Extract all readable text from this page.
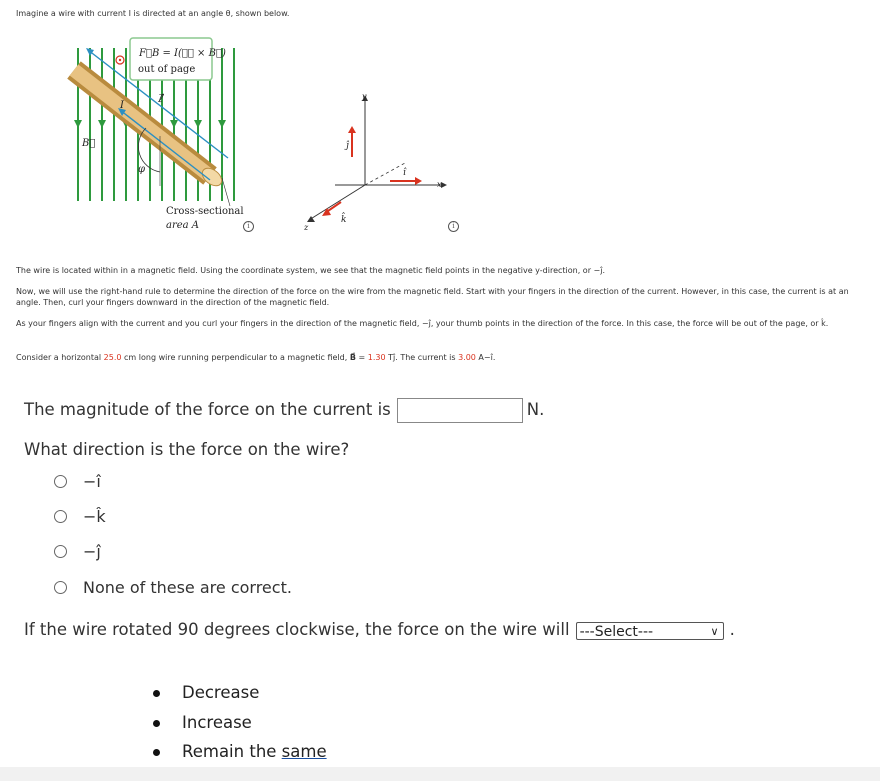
Imagine a wire with current I is directed at an angle θ, shown below.
F⃗B = I(ℓ⃗ × B⃗)
out of page
ℓ⃗
I
B⃗
φ
Cross-sectional
area A	i
y
x
z
ĵ
î
k̂
i
The wire is located within in a magnetic field. Using the coordinate system, we see that the magnetic field points in the negative y-direction, or −ĵ.
Now, we will use the right-hand rule to determine the direction of the force on the wire from the magnetic field. Start with your fingers in the direction of the current. However, in this case, the current is at an angle. Then, curl your fingers downward in the direction of the magnetic field.
As your fingers align with the current and you curl your fingers in the direction of the magnetic field, −ĵ, your thumb points in the direction of the force. In this case, the force will be out of the page, or k̂.
Consider a horizontal 25.0 cm long wire running perpendicular to a magnetic field, B⃗ = 1.30 Tĵ. The current is 3.00 A−î.
The magnitude of the force on the current is	N.
What direction is the force on the wire?
−î
−k̂
−ĵ
None of these are correct.
If the wire rotated 90 degrees clockwise, the force on the wire will ---Select---	∨ .
Decrease
Increase
Remain the same
